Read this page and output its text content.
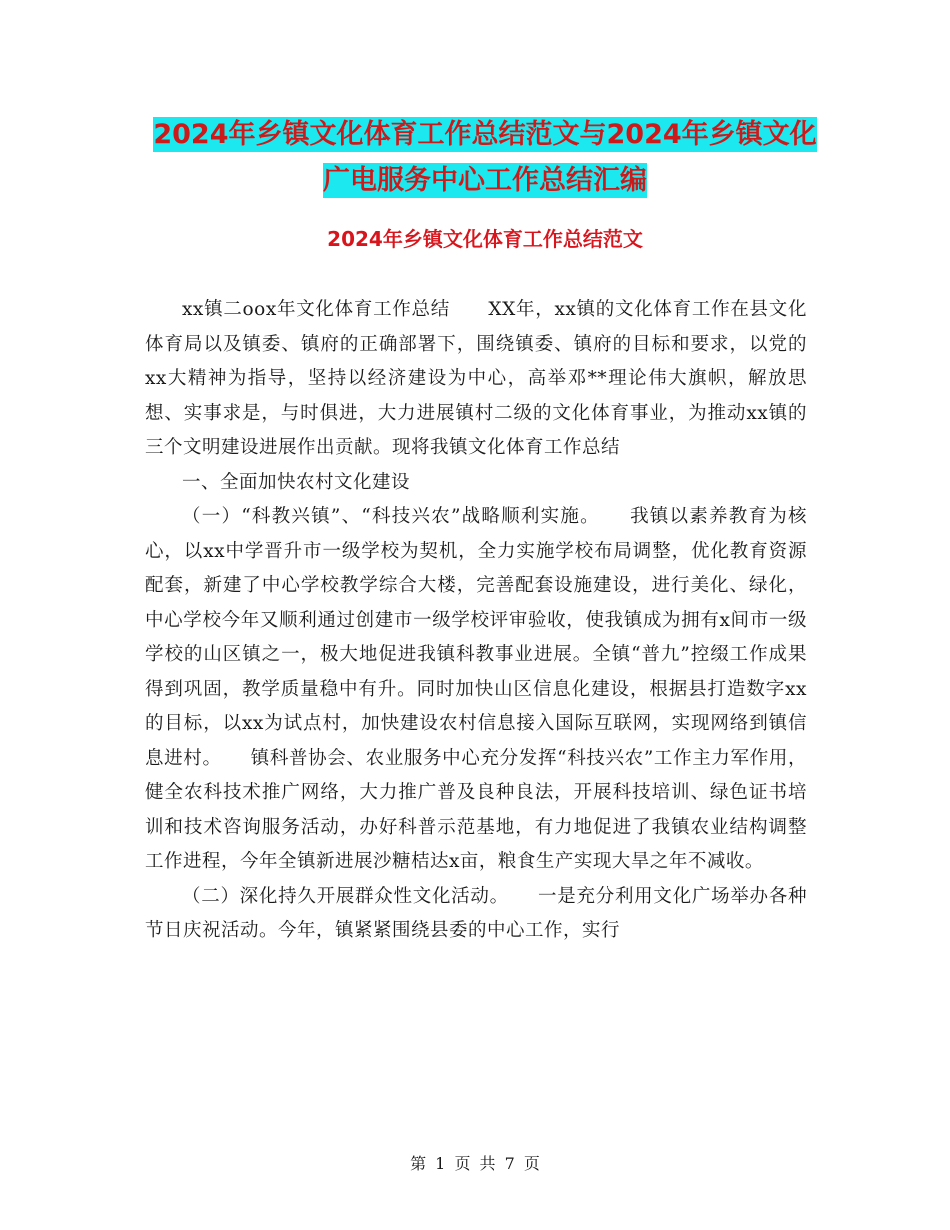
2024年乡镇文化体育工作总结范文与2024年乡镇文化广电服务中心工作总结汇编
2024年乡镇文化体育工作总结范文

xx镇二oox年文化体育工作总结　　XX年，xx镇的文化体育工作在县文化体育局以及镇委、镇府的正确部署下，围绕镇委、镇府的目标和要求，以党的xx大精神为指导，坚持以经济建设为中心，高举邓**理论伟大旗帜，解放思想、实事求是，与时俱进，大力进展镇村二级的文化体育事业，为推动xx镇的三个文明建设进展作出贡献。现将我镇文化体育工作总结

一、全面加快农村文化建设

（一）“科教兴镇”、“科技兴农”战略顺利实施。　　我镇以素养教育为核心，以xx中学晋升市一级学校为契机，全力实施学校布局调整，优化教育资源配套，新建了中心学校教学综合大楼，完善配套设施建设，进行美化、绿化，中心学校今年又顺利通过创建市一级学校评审验收，使我镇成为拥有x间市一级学校的山区镇之一，极大地促进我镇科教事业进展。全镇“普九”控缀工作成果得到巩固，教学质量稳中有升。同时加快山区信息化建设，根据县打造数字xx的目标，以xx为试点村，加快建设农村信息接入国际互联网，实现网络到镇信息进村。　　镇科普协会、农业服务中心充分发挥“科技兴农”工作主力军作用，健全农科技术推广网络，大力推广普及良种良法，开展科技培训、绿色证书培训和技术咨询服务活动，办好科普示范基地，有力地促进了我镇农业结构调整工作进程，今年全镇新进展沙糖桔达x亩，粮食生产实现大旱之年不减收。

（二）深化持久开展群众性文化活动。　　一是充分利用文化广场举办各种节日庆祝活动。今年，镇紧紧围绕县委的中心工作，实行

第 1 页 共 7 页
